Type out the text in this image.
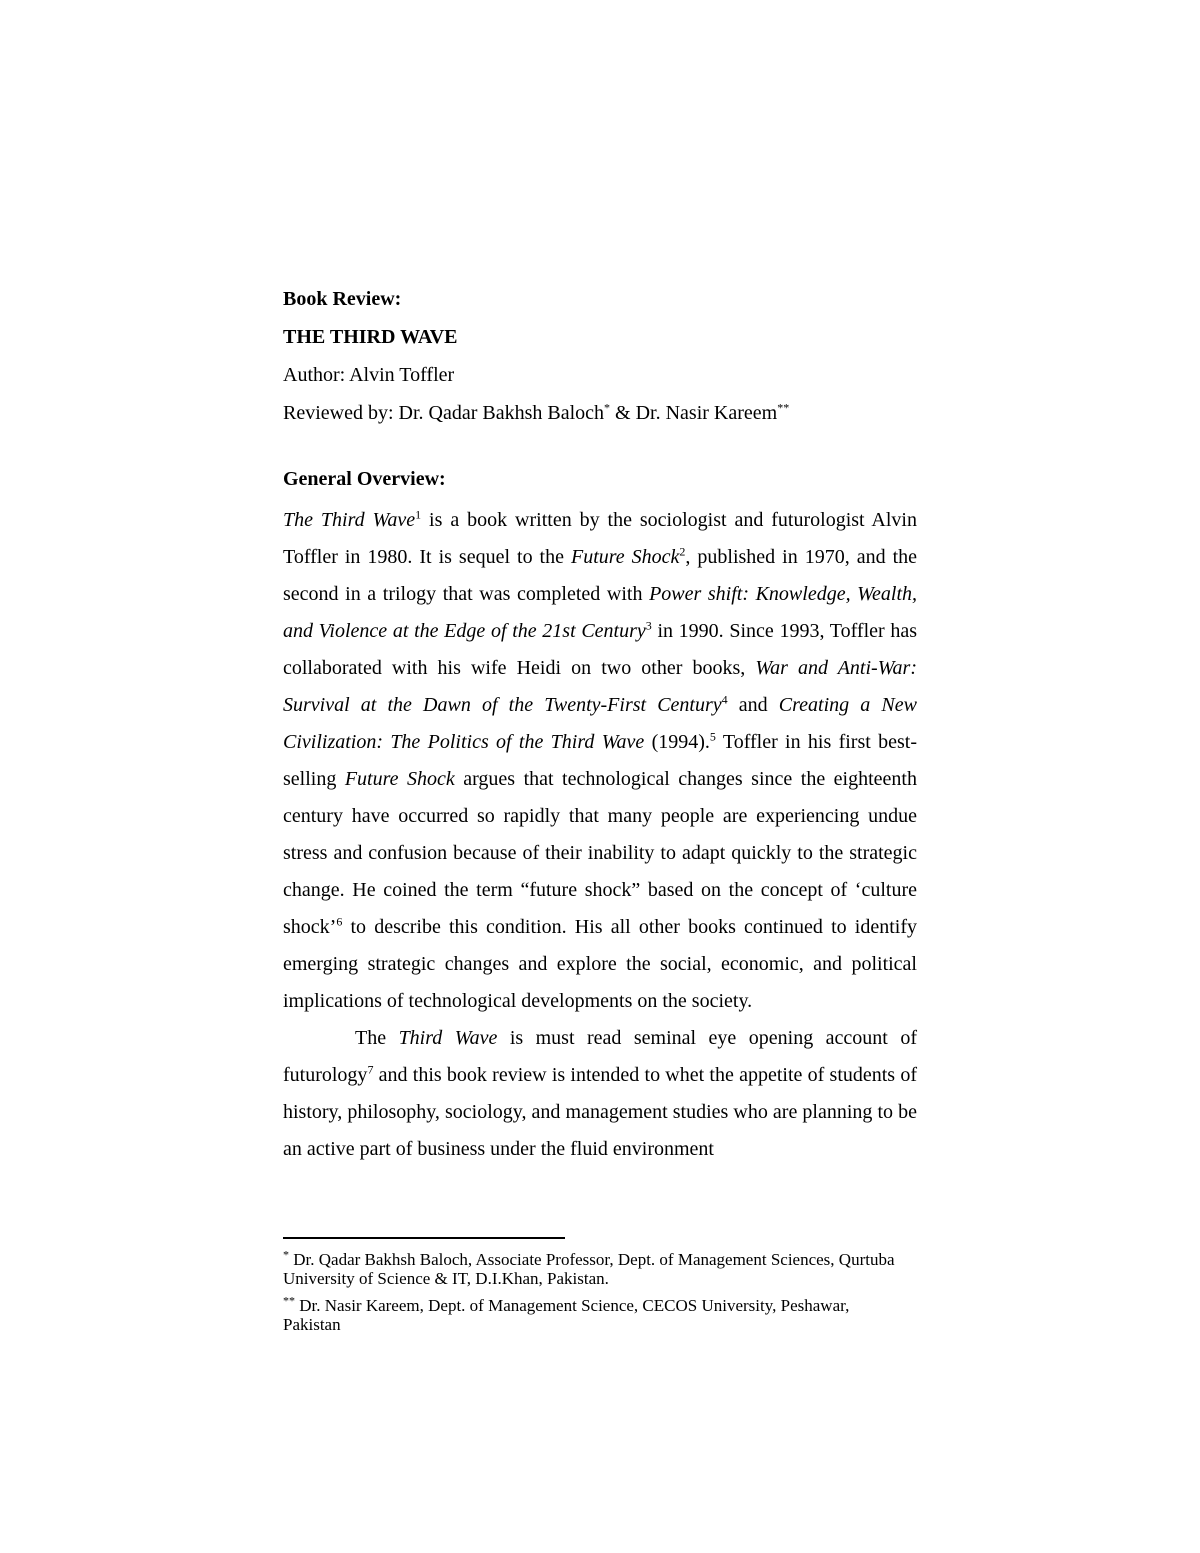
Book Review:
THE THIRD WAVE
Author: Alvin Toffler
Reviewed by: Dr. Qadar Bakhsh Baloch* & Dr. Nasir Kareem**
General Overview:

The Third Wave$^1$ is a book written by the sociologist and futurologist Alvin Toffler in 1980. It is sequel to the Future Shock$^2$, published in 1970, and the second in a trilogy that was completed with Power shift: Knowledge, Wealth, and Violence at the Edge of the 21st Century$^3$ in 1990. Since 1993, Toffler has collaborated with his wife Heidi on two other books, War and Anti-War: Survival at the Dawn of the Twenty-First Century$^4$ and Creating a New Civilization: The Politics of the Third Wave (1994).$^5$ Toffler in his first best-selling Future Shock argues that technological changes since the eighteenth century have occurred so rapidly that many people are experiencing undue stress and confusion because of their inability to adapt quickly to the strategic change. He coined the term “future shock” based on the concept of ‘culture shock’$^6$ to describe this condition. His all other books continued to identify emerging strategic changes and explore the social, economic, and political implications of technological developments on the society.

The Third Wave is must read seminal eye opening account of futurology$^7$ and this book review is intended to whet the appetite of students of history, philosophy, sociology, and management studies who are planning to be an active part of business under the fluid environment

* Dr. Qadar Bakhsh Baloch, Associate Professor, Dept. of Management Sciences, Qurtuba University of Science & IT, D.I.Khan, Pakistan.
** Dr. Nasir Kareem, Dept. of Management Science, CECOS University, Peshawar, Pakistan
